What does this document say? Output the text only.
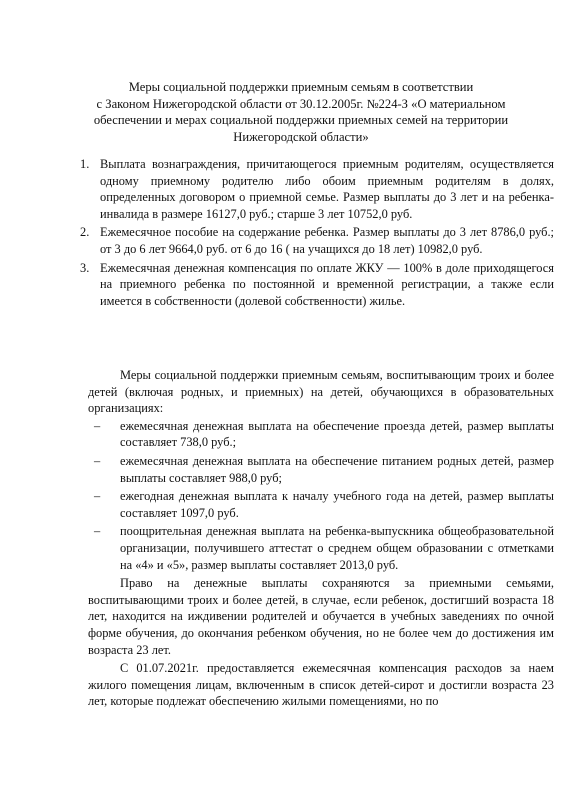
Меры социальной поддержки приемным семьям в соответствии
с Законом Нижегородской области от 30.12.2005г. №224-З «О материальном
обеспечении и мерах социальной поддержки приемных семей на территории
Нижегородской области»
1. Выплата вознаграждения, причитающегося приемным родителям, осуществляется одному приемному родителю либо обоим приемным родителям в долях, определенных договором о приемной семье. Размер выплаты до 3 лет и на ребенка-инвалида в размере 16127,0 руб.; старше 3 лет 10752,0 руб.
2. Ежемесячное пособие на содержание ребенка. Размер выплаты до 3 лет 8786,0 руб.; от 3 до 6 лет 9664,0 руб. от 6 до 16 ( на учащихся до 18 лет) 10982,0 руб.
3. Ежемесячная денежная компенсация по оплате ЖКУ — 100% в доле приходящегося на приемного ребенка по постоянной и временной регистрации, а также если имеется в собственности (долевой собственности) жилье.

Меры социальной поддержки приемным семьям, воспитывающим троих и более детей (включая родных, и приемных) на детей, обучающихся в образовательных организациях:

– ежемесячная денежная выплата на обеспечение проезда детей, размер выплаты составляет 738,0 руб.;
– ежемесячная денежная выплата на обеспечение питанием родных детей, размер выплаты составляет 988,0 руб;
– ежегодная денежная выплата к началу учебного года на детей, размер выплаты составляет 1097,0 руб.
– поощрительная денежная выплата на ребенка-выпускника общеобразовательной организации, получившего аттестат о среднем общем образовании с отметками на «4» и «5», размер выплаты составляет 2013,0 руб.

Право на денежные выплаты сохраняются за приемными семьями, воспитывающими троих и более детей, в случае, если ребенок, достигший возраста 18 лет, находится на иждивении родителей и обучается в учебных заведениях по очной форме обучения, до окончания ребенком обучения, но не более чем до достижения им возраста 23 лет.

С 01.07.2021г. предоставляется ежемесячная компенсация расходов за наем жилого помещения лицам, включенным в список детей-сирот и достигли возраста 23 лет, которые подлежат обеспечению жилыми помещениями, но по
